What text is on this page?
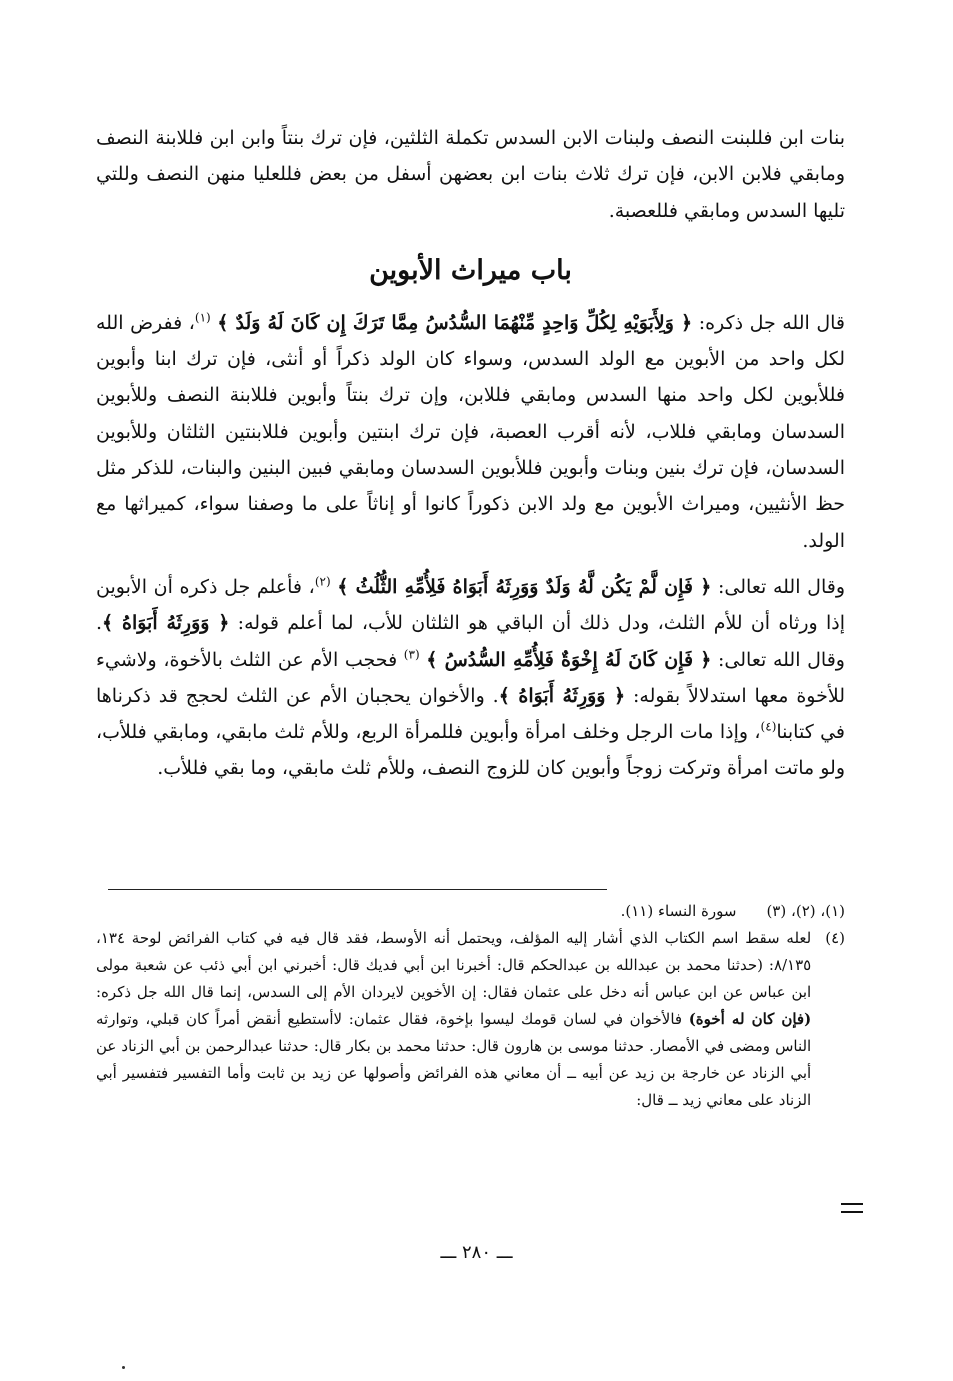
بنات ابن فللبنت النصف ولبنات الابن السدس تكملة الثلثين، فإن ترك بنتاً وابن ابن فللابنة النصف ومابقي فلابن الابن، فإن ترك ثلاث بنات ابن بعضهن أسفل من بعض فللعليا منهن النصف وللتي تليها السدس ومابقي فللعصبة.

باب ميراث الأبوين

قال الله جل ذكره: ﴿ وَلِأَبَوَيْهِ لِكُلِّ وَاحِدٍ مِّنْهُمَا السُّدُسُ مِمَّا تَرَكَ إِن كَانَ لَهُ وَلَدٌ ﴾ $^{(١)}$، ففرض الله لكل واحد من الأبوين مع الولد السدس، وسواء كان الولد ذكراً أو أنثى، فإن ترك ابنا وأبوين فللأبوين لكل واحد منها السدس ومابقي فللابن، وإن ترك بنتاً وأبوين فللابنة النصف وللأبوين السدسان ومابقي فللاب، لأنه أقرب العصبة، فإن ترك ابنتين وأبوين فللابنتين الثلثان وللأبوين السدسان، فإن ترك بنين وبنات وأبوين فللأبوين السدسان ومابقي فبين البنين والبنات، للذكر مثل حظ الأنثيين، وميراث الأبوين مع ولد الابن ذكوراً كانوا أو إناثاً على ما وصفنا سواء، كميراثها مع الولد.

وقال الله تعالى: ﴿ فَإِن لَّمْ يَكُن لَّهُ وَلَدٌ وَوَرِثَهُ أَبَوَاهُ فَلِأُمِّهِ الثُّلُثُ ﴾ $^{(٢)}$، فأعلم جل ذكره أن الأبوين إذا ورثاه أن للأم الثلث، ودل ذلك أن الباقي هو الثلثان للأب، لما أعلم قوله: ﴿ وَوَرِثَهُ أَبَوَاهُ ﴾. وقال الله تعالى: ﴿ فَإِن كَانَ لَهُ إِخْوَةٌ فَلِأُمِّهِ السُّدُسُ ﴾ $^{(٣)}$ فحجب الأم عن الثلث بالأخوة، ولاشيء للأخوة معها استدلالاً بقوله: ﴿ وَوَرِثَهُ أَبَوَاهُ ﴾. والأخوان يحجبان الأم عن الثلث لحجج قد ذكرناها في كتابنا$^{(٤)}$، وإذا مات الرجل وخلف امرأة وأبوين فللمرأة الربع، وللأم ثلث مابقي، ومابقي فللأب، ولو ماتت امرأة وتركت زوجاً وأبوين كان للزوج النصف، وللأم ثلث مابقي، وما بقي فللأب.

(١)، (٢)، (٣)
سورة النساء (١١).
(٤)
لعله سقط اسم الكتاب الذي أشار إليه المؤلف، ويحتمل أنه الأوسط، فقد قال فيه في كتاب الفرائض لوحة ١٣٤، ٨/١٣٥: (حدثنا محمد بن عبدالله بن عبدالحكم قال: أخبرنا ابن أبي فديك قال: أخبرني ابن أبي ذئب عن شعبة مولى ابن عباس عن ابن عباس أنه دخل على عثمان فقال: إن الأخوين لايردان الأم إلى السدس، إنما قال الله جل ذكره: (فإن كان له أخوة) فالأخوان في لسان قومك ليسوا بإخوة، فقال عثمان: لاأستطيع أنقض أمراً كان قبلي، وتوارثه الناس ومضى في الأمصار. حدثنا موسى بن هارون قال: حدثنا محمد بن بكار قال: حدثنا عبدالرحمن بن أبي الزناد عن أبي الزناد عن خارجة بن زيد عن أبيه ــ أن معاني هذه الفرائض وأصولها عن زيد بن ثابت وأما التفسير فتفسير أبي الزناد على معاني زيد ــ قال:
ـــ ٢٨٠ ـــ
